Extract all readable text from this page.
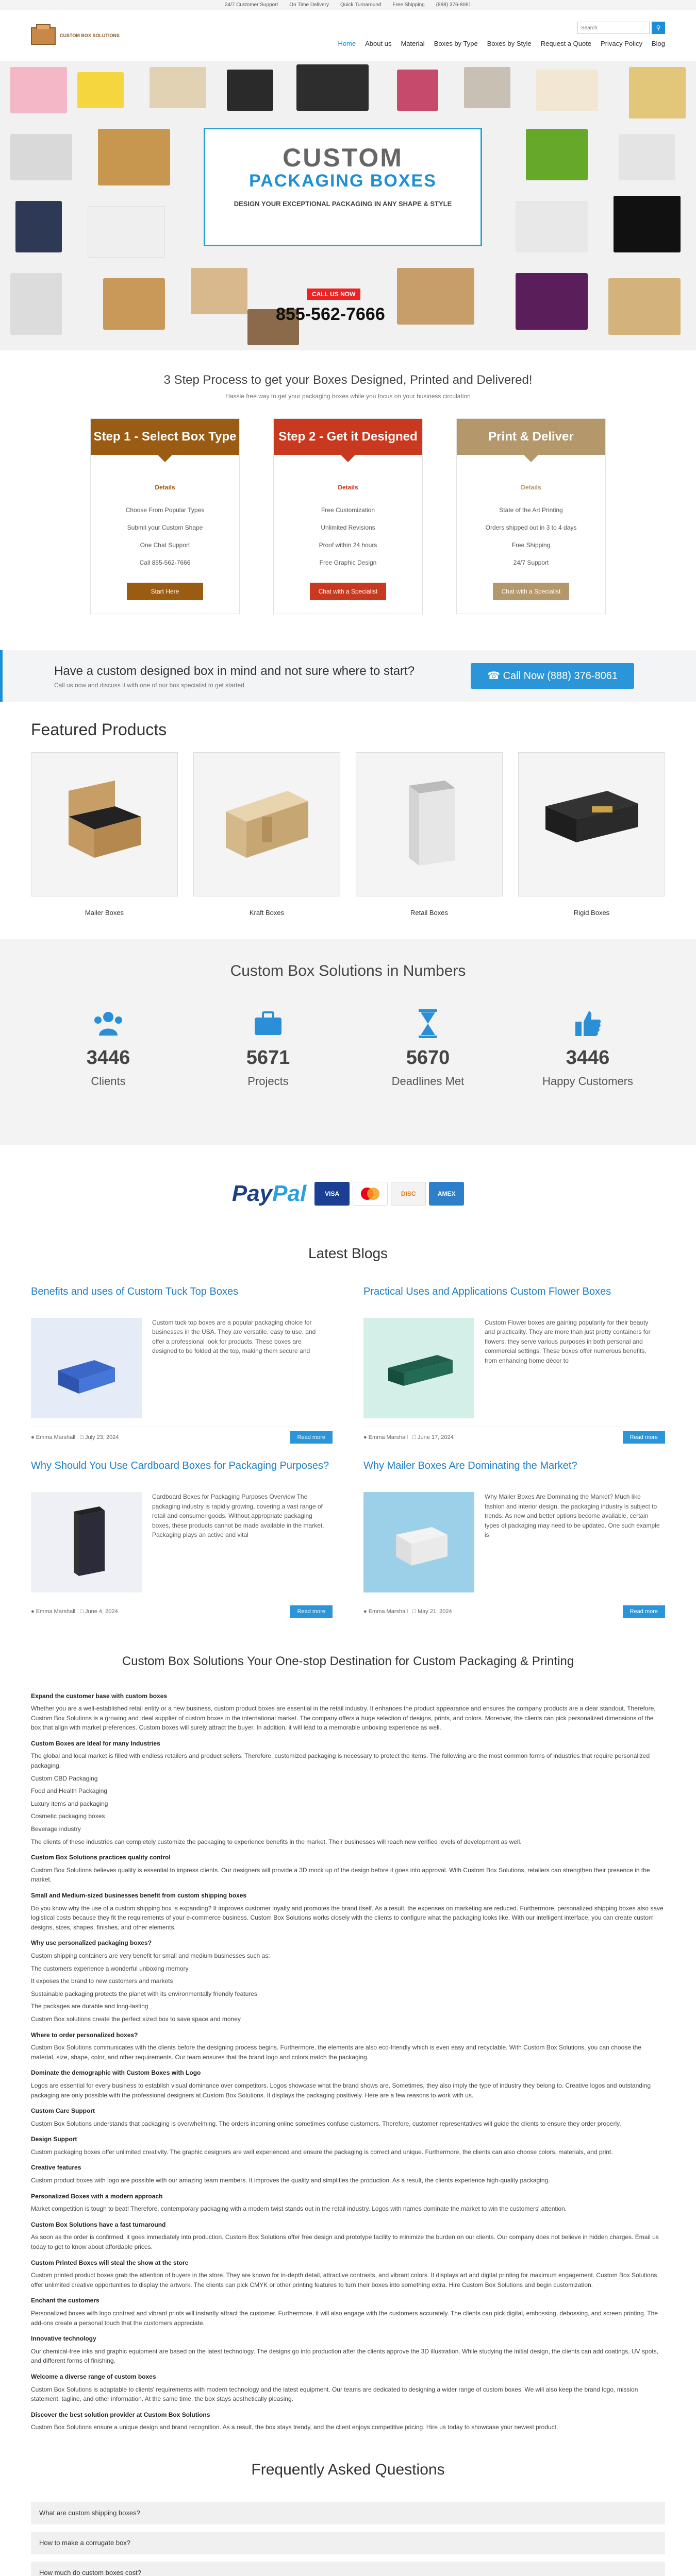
24/7 Customer Support On Time Delivery Quick Turnaround Free Shipping (888) 376-8061
CUSTOM BOX SOLUTIONS
Home About us Material Boxes by Type Boxes by Style Request a Quote Privacy Policy Blog
Search
⚲
CUSTOM
PACKAGING BOXES

DESIGN YOUR EXCEPTIONAL PACKAGING IN ANY SHAPE & STYLE

CALL US NOW
855-562-7666
3 Step Process to get your Boxes Designed, Printed and Delivered!
Hassle free way to get your packaging boxes while you focus on your business circulation
Step 1 - Select Box Type
Details
Choose From Popular Types
Submit your Custom Shape
One Chat Support
Call 855-562-7666
Start Here
Step 2 - Get it Designed
Details
Free Customization
Unlimited Revisions
Proof within 24 hours
Free Graphic Design
Chat with a Specialist
Print & Deliver
Details
State of the Art Printing
Orders shipped out in 3 to 4 days
Free Shipping
24/7 Support
Chat with a Specialist
Have a custom designed box in mind and not sure where to start?

Call us now and discuss it with one of our box specialist to get started.

☎ Call Now (888) 376-8061
Featured Products

Mailer Boxes	Kraft Boxes	Retail Boxes	Rigid Boxes

Custom Box Solutions in Numbers
3446
Clients
5671
Projects
5670
Deadlines Met
3446
Happy Customers
PayPal	VISA	DISC	AMEX
Latest Blogs
Benefits and uses of Custom Tuck Top Boxes

Custom tuck top boxes are a popular packaging choice for businesses in the USA. They are versatile, easy to use, and offer a professional look for products. These boxes are designed to be folded at the top, making them secure and

● Emma Marshall □ July 23, 2024	Read more
Practical Uses and Applications Custom Flower Boxes

Custom Flower boxes are gaining popularity for their beauty and practicality. They are more than just pretty containers for flowers; they serve various purposes in both personal and commercial settings. These boxes offer numerous benefits, from enhancing home décor to

● Emma Marshall □ June 17, 2024	Read more
Why Should You Use Cardboard Boxes for Packaging Purposes?

Cardboard Boxes for Packaging Purposes Overview The packaging industry is rapidly growing, covering a vast range of retail and consumer goods. Without appropriate packaging boxes, these products cannot be made available in the market. Packaging plays an active and vital

● Emma Marshall □ June 4, 2024	Read more
Why Mailer Boxes Are Dominating the Market?

Why Mailer Boxes Are Dominating the Market? Much like fashion and interior design, the packaging industry is subject to trends. As new and better options become available, certain types of packaging may need to be updated. One such example is

● Emma Marshall □ May 21, 2024	Read more
Custom Box Solutions Your One-stop Destination for Custom Packaging & Printing
Expand the customer base with custom boxes

Whether you are a well-established retail entity or a new business, custom product boxes are essential in the retail industry. It enhances the product appearance and ensures the company products are a clear standout. Therefore, Custom Box Solutions is a growing and ideal supplier of custom boxes in the international market. The company offers a huge selection of designs, prints, and colors. Moreover, the clients can pick personalized dimensions of the box that align with market preferences. Custom boxes will surely attract the buyer. In addition, it will lead to a memorable unboxing experience as well.

Custom Boxes are Ideal for many Industries

The global and local market is filled with endless retailers and product sellers. Therefore, customized packaging is necessary to protect the items. The following are the most common forms of industries that require personalized packaging.

Custom CBD Packaging

Food and Health Packaging

Luxury items and packaging

Cosmetic packaging boxes

Beverage industry

The clients of these industries can completely customize the packaging to experience benefits in the market. Their businesses will reach new verified levels of development as well.

Custom Box Solutions practices quality control

Custom Box Solutions believes quality is essential to impress clients. Our designers will provide a 3D mock up of the design before it goes into approval. With Custom Box Solutions, retailers can strengthen their presence in the market.

Small and Medium-sized businesses benefit from custom shipping boxes

Do you know why the use of a custom shipping box is expanding? It improves customer loyalty and promotes the brand itself. As a result, the expenses on marketing are reduced. Furthermore, personalized shipping boxes also save logistical costs because they fit the requirements of your e-commerce business. Custom Box Solutions works closely with the clients to configure what the packaging looks like. With our intelligent interface, you can create custom designs, sizes, shapes, finishes, and other elements.

Why use personalized packaging boxes?

Custom shipping containers are very benefit for small and medium businesses such as:

The customers experience a wonderful unboxing memory

It exposes the brand to new customers and markets

Sustainable packaging protects the planet with its environmentally friendly features

The packages are durable and long-lasting

Custom Box solutions create the perfect sized box to save space and money

Where to order personalized boxes?

Custom Box Solutions communicates with the clients before the designing process begins. Furthermore, the elements are also eco-friendly which is even easy and recyclable. With Custom Box Solutions, you can choose the material, size, shape, color, and other requirements. Our team ensures that the brand logo and colors match the packaging.

Dominate the demographic with Custom Boxes with Logo

Logos are essential for every business to establish visual dominance over competitors. Logos showcase what the brand shows are. Sometimes, they also imply the type of industry they belong to. Creative logos and outstanding packaging are only possible with the professional designers at Custom Box Solutions. It displays the packaging positively. Here are a few reasons to work with us.

Custom Care Support

Custom Box Solutions understands that packaging is overwhelming. The orders incoming online sometimes confuse customers. Therefore, customer representatives will guide the clients to ensure they order properly.

Design Support

Custom packaging boxes offer unlimited creativity. The graphic designers are well experienced and ensure the packaging is correct and unique. Furthermore, the clients can also choose colors, materials, and print.

Creative features

Custom product boxes with logo are possible with our amazing team members. It improves the quality and simplifies the production. As a result, the clients experience high-quality packaging.

Personalized Boxes with a modern approach

Market competition is tough to beat! Therefore, contemporary packaging with a modern twist stands out in the retail industry. Logos with names dominate the market to win the customers' attention.

Custom Box Solutions have a fast turnaround

As soon as the order is confirmed, it goes immediately into production. Custom Box Solutions offer free design and prototype facility to minimize the burden on our clients. Our company does not believe in hidden charges. Email us today to get to know about affordable prices.

Custom Printed Boxes will steal the show at the store

Custom printed product boxes grab the attention of buyers in the store. They are known for in-depth detail, attractive contrasts, and vibrant colors. It displays art and digital printing for maximum engagement. Custom Box Solutions offer unlimited creative opportunities to display the artwork. The clients can pick CMYK or other printing features to turn their boxes into something extra. Hire Custom Box Solutions and begin customization.

Enchant the customers

Personalized boxes with logo contrast and vibrant prints will instantly attract the customer. Furthermore, it will also engage with the customers accurately. The clients can pick digital, embossing, debossing, and screen printing. The add-ons create a personal touch that the customers appreciate.

Innovative technology

Our chemical-free inks and graphic equipment are based on the latest technology. The designs go into production after the clients approve the 3D illustration. While studying the initial design, the clients can add coatings, UV spots, and different forms of finishing.

Welcome a diverse range of custom boxes

Custom Box Solutions is adaptable to clients' requirements with modern technology and the latest equipment. Our teams are dedicated to designing a wider range of custom boxes. We will also keep the brand logo, mission statement, tagline, and other information. At the same time, the box stays aesthetically pleasing.

Discover the best solution provider at Custom Box Solutions

Custom Box Solutions ensure a unique design and brand recognition. As a result, the box stays trendy, and the client enjoys competitive pricing. Hire us today to showcase your newest product.

Frequently Asked Questions
What are custom shipping boxes?
How to make a corrugate box?
How much do custom boxes cost?
